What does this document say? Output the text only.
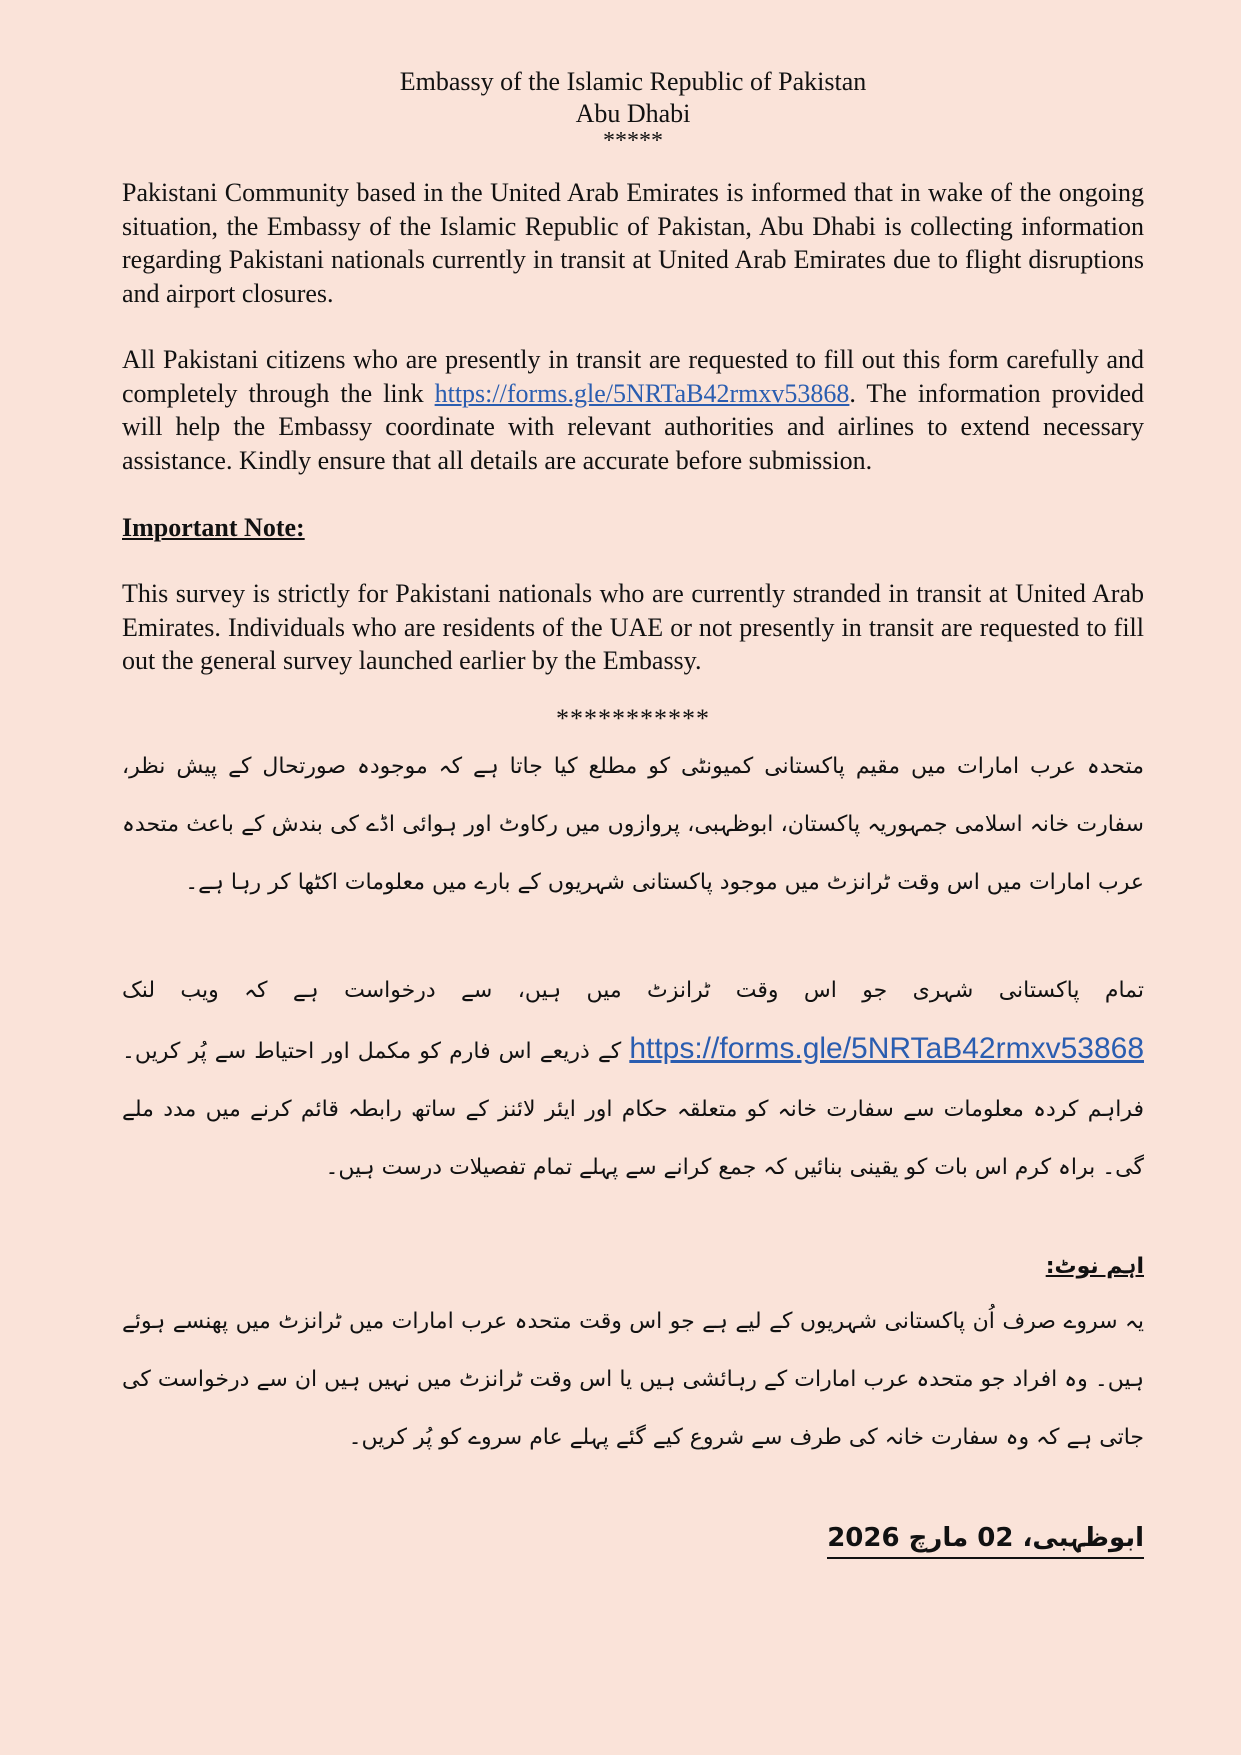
Embassy of the Islamic Republic of Pakistan
Abu Dhabi
*****

Pakistani Community based in the United Arab Emirates is informed that in wake of the ongoing situation, the Embassy of the Islamic Republic of Pakistan, Abu Dhabi is collecting information regarding Pakistani nationals currently in transit at United Arab Emirates due to flight disruptions and airport closures.

All Pakistani citizens who are presently in transit are requested to fill out this form carefully and completely through the link https://forms.gle/5NRTaB42rmxv53868. The information provided will help the Embassy coordinate with relevant authorities and airlines to extend necessary assistance. Kindly ensure that all details are accurate before submission.

Important Note:

This survey is strictly for Pakistani nationals who are currently stranded in transit at United Arab Emirates. Individuals who are residents of the UAE or not presently in transit are requested to fill out the general survey launched earlier by the Embassy.

***********

متحدہ عرب امارات میں مقیم پاکستانی کمیونٹی کو مطلع کیا جاتا ہے کہ موجودہ صورتحال کے پیش نظر، سفارت خانہ اسلامی جمہوریہ پاکستان، ابوظہبی، پروازوں میں رکاوٹ اور ہوائی اڈے کی بندش کے باعث متحدہ عرب امارات میں اس وقت ٹرانزٹ میں موجود پاکستانی شہریوں کے بارے میں معلومات اکٹھا کر رہا ہے۔

تمام پاکستانی شہری جو اس وقت ٹرانزٹ میں ہیں، سے درخواست ہے کہ ویب لنک https://forms.gle/5NRTaB42rmxv53868 کے ذریعے اس فارم کو مکمل اور احتیاط سے پُر کریں۔ فراہم کردہ معلومات سے سفارت خانہ کو متعلقہ حکام اور ایئر لائنز کے ساتھ رابطہ قائم کرنے میں مدد ملے گی۔ براہ کرم اس بات کو یقینی بنائیں کہ جمع کرانے سے پہلے تمام تفصیلات درست ہیں۔

اہم نوٹ:

یہ سروے صرف اُن پاکستانی شہریوں کے لیے ہے جو اس وقت متحدہ عرب امارات میں ٹرانزٹ میں پھنسے ہوئے ہیں۔ وہ افراد جو متحدہ عرب امارات کے رہائشی ہیں یا اس وقت ٹرانزٹ میں نہیں ہیں ان سے درخواست کی جاتی ہے کہ وہ سفارت خانہ کی طرف سے شروع کیے گئے پہلے عام سروے کو پُر کریں۔

ابوظہبی، 02 مارچ 2026
